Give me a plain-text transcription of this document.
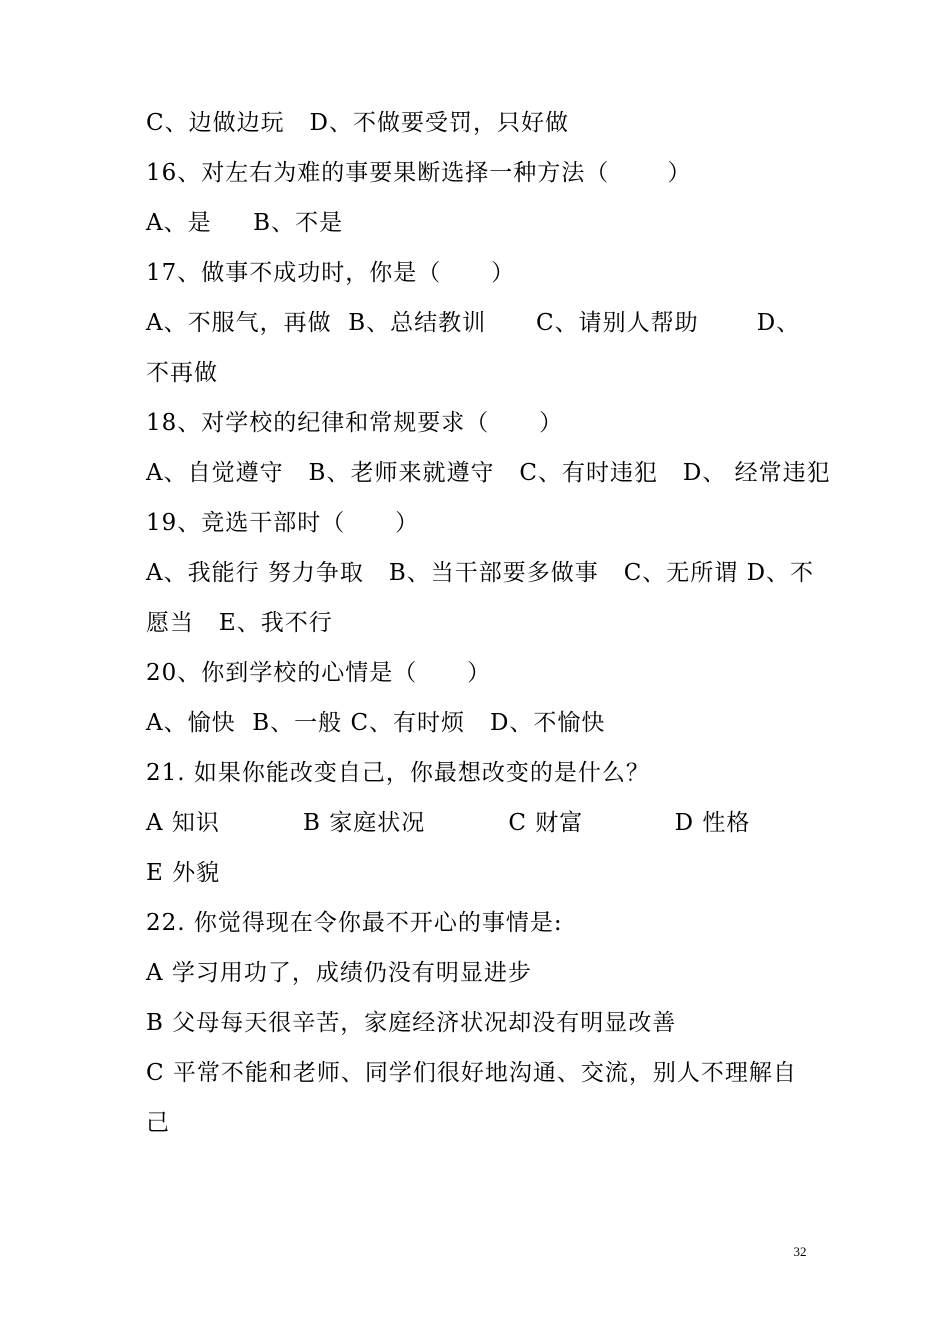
C、边做边玩   D、不做要受罚，只好做
16、对左右为难的事要果断选择一种方法（       ）
A、是     B、不是
17、做事不成功时，你是（      ）
A、不服气，再做  B、总结教训      C、请别人帮助       D、
不再做
18、对学校的纪律和常规要求（      ）
A、自觉遵守   B、老师来就遵守   C、有时违犯   D、 经常违犯
19、竞选干部时（      ）
A、我能行 努力争取   B、当干部要多做事   C、无所谓 D、不
愿当   E、我不行
20、你到学校的心情是（      ）
A、愉快  B、一般 C、有时烦   D、不愉快
21. 如果你能改变自己，你最想改变的是什么？
A 知识          B 家庭状况          C 财富           D 性格
E 外貌
22. 你觉得现在令你最不开心的事情是:
A 学习用功了，成绩仍没有明显进步
B 父母每天很辛苦，家庭经济状况却没有明显改善
C 平常不能和老师、同学们很好地沟通、交流，别人不理解自
己
32
